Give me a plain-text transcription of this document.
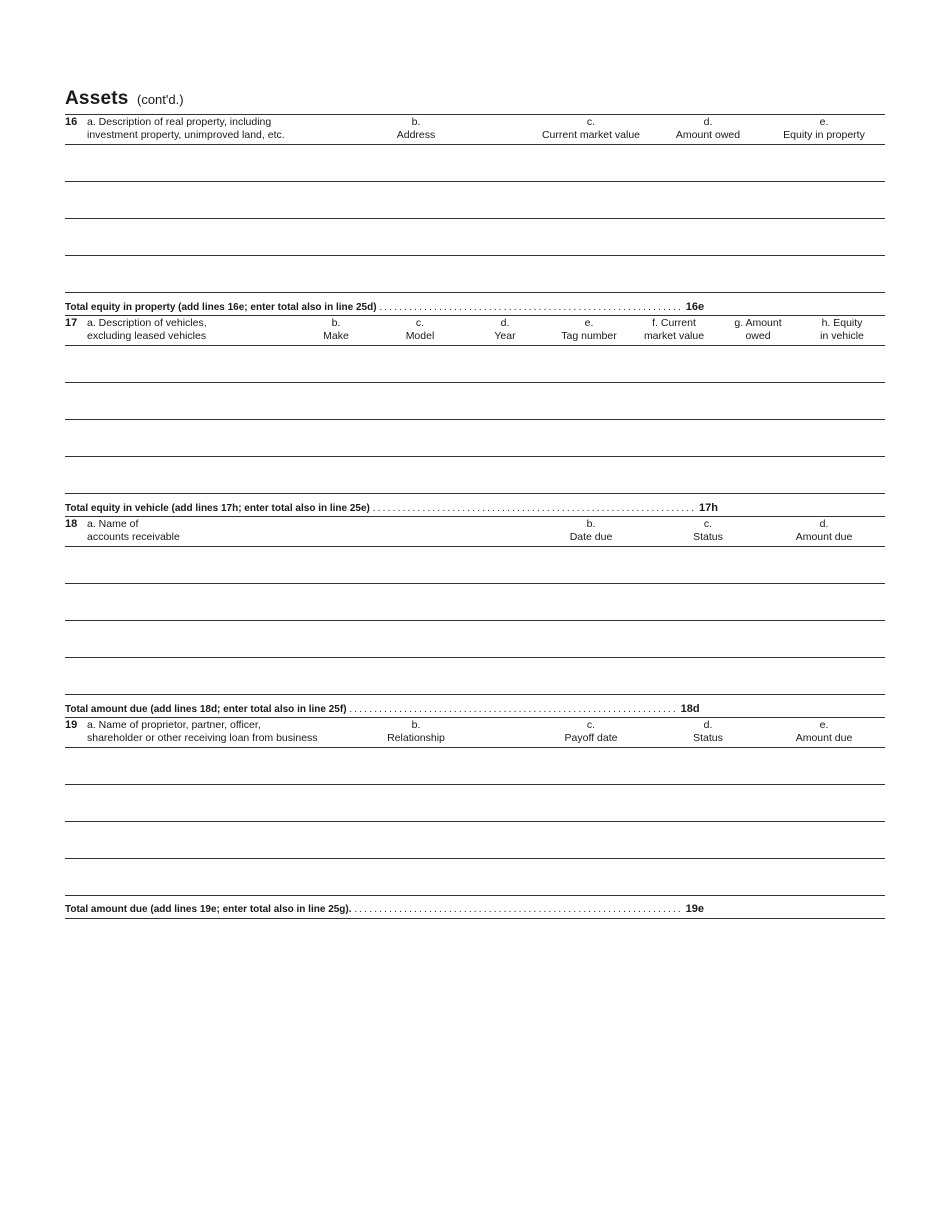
Assets (cont'd.)
16 a. Description of real property, including
investment property, unimproved land, etc.
b.
Address
c.
Current market value
d.
Amount owed
e.
Equity in property
Total equity in property (add lines 16e; enter total also in line 25d) ............................................................. 16e
17 a. Description of vehicles,
excluding leased vehicles
b.
Make
c.
Model
d.
Year
e.
Tag number
f. Current
market value
g. Amount
owed
h. Equity
in vehicle
Total equity in vehicle (add lines 17h; enter total also in line 25e) ................................................................. 17h
18 a. Name of
accounts receivable
b.
Date due
c.
Status
d.
Amount due
Total amount due (add lines 18d; enter total also in line 25f) .................................................................. 18d
19 a. Name of proprietor, partner, officer,
shareholder or other receiving loan from business
b.
Relationship
c.
Payoff date
d.
Status
e.
Amount due
Total amount due (add lines 19e; enter total also in line 25g). .................................................................. 19e
